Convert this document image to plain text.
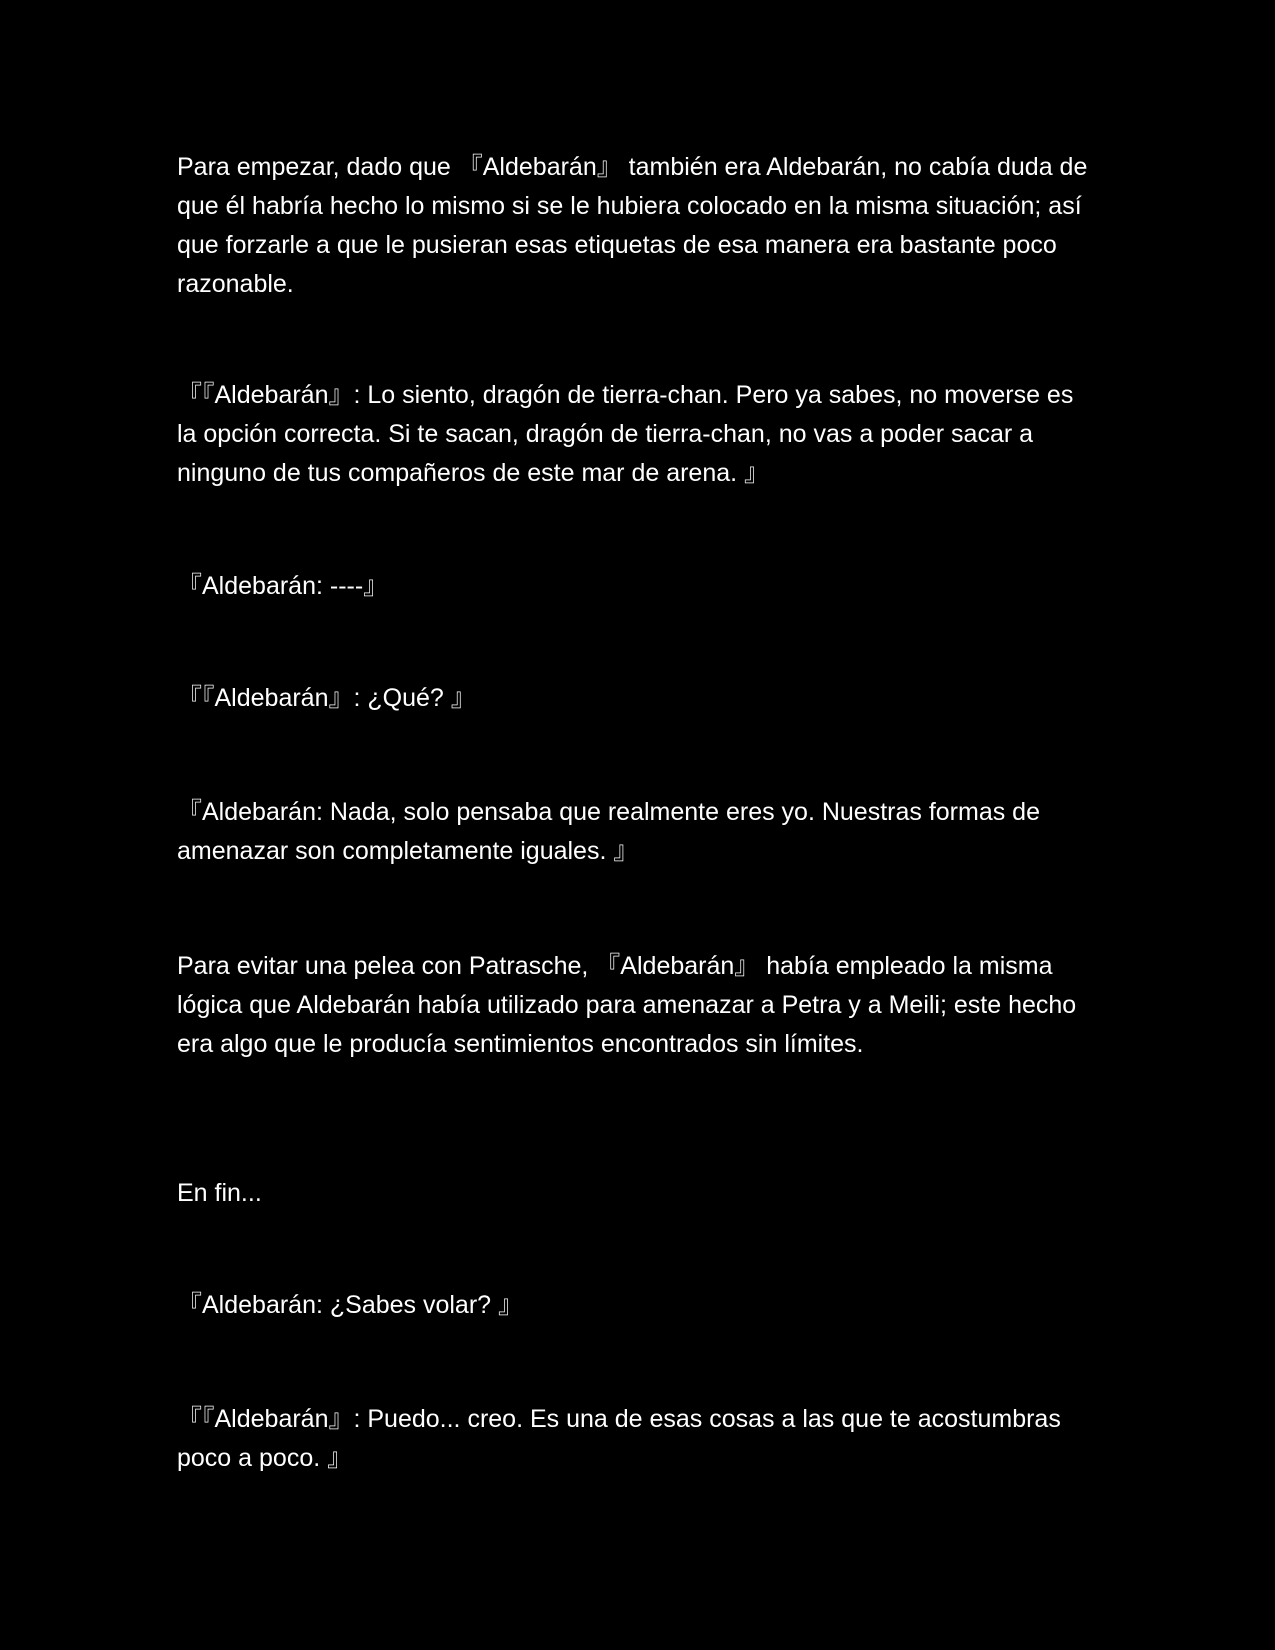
Para empezar, dado que 『Aldebarán』 también era Aldebarán, no cabía duda de que él habría hecho lo mismo si se le hubiera colocado en la misma situación; así que forzarle a que le pusieran esas etiquetas de esa manera era bastante poco razonable.

『『Aldebarán』: Lo siento, dragón de tierra-chan. Pero ya sabes, no moverse es la opción correcta. Si te sacan, dragón de tierra-chan, no vas a poder sacar a ninguno de tus compañeros de este mar de arena. 』

『Aldebarán: ----』

『『Aldebarán』: ¿Qué? 』

『Aldebarán: Nada, solo pensaba que realmente eres yo. Nuestras formas de amenazar son completamente iguales. 』

Para evitar una pelea con Patrasche, 『Aldebarán』 había empleado la misma lógica que Aldebarán había utilizado para amenazar a Petra y a Meili; este hecho era algo que le producía sentimientos encontrados sin límites.

En fin...

『Aldebarán: ¿Sabes volar? 』

『『Aldebarán』: Puedo... creo. Es una de esas cosas a las que te acostumbras poco a poco. 』
